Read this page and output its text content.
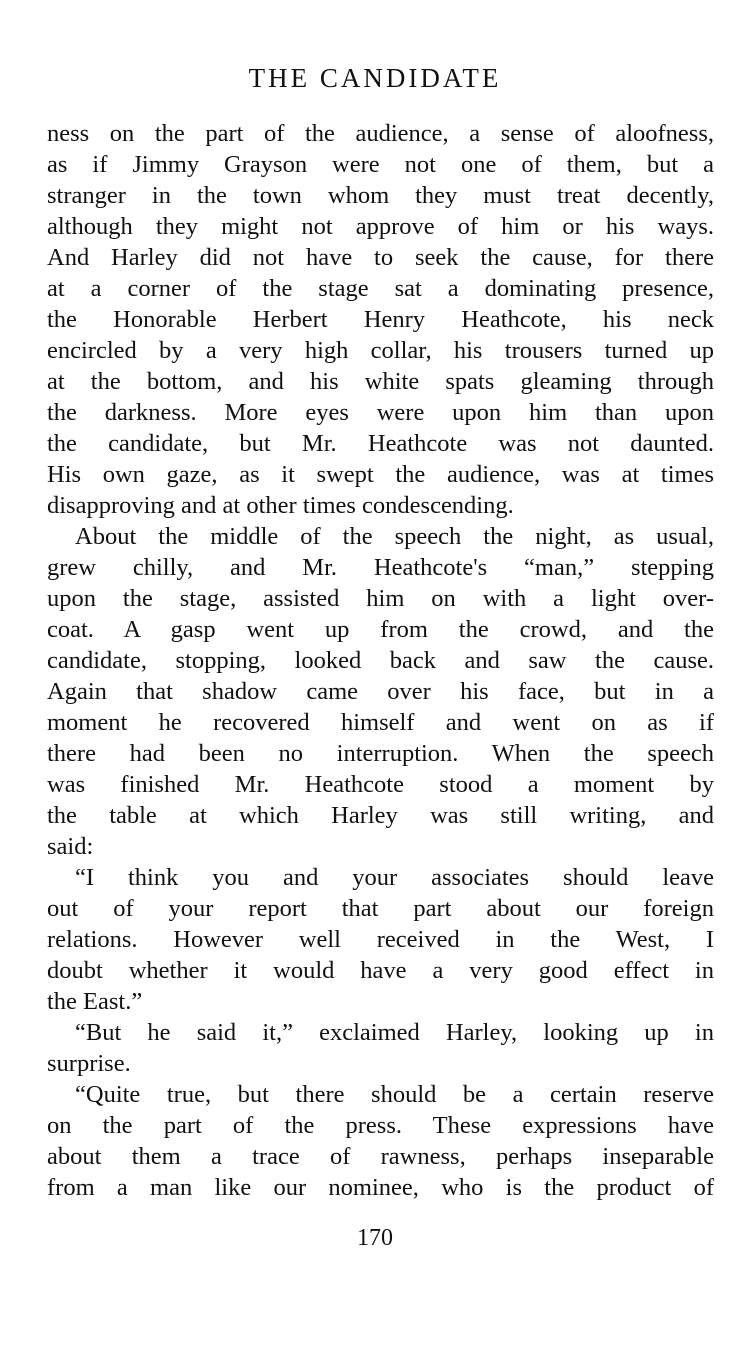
THE CANDIDATE
ness on the part of the audience, a sense of aloofness,
as if Jimmy Grayson were not one of them, but a
stranger in the town whom they must treat decently,
although they might not approve of him or his ways.
And Harley did not have to seek the cause, for there
at a corner of the stage sat a dominating presence,
the Honorable Herbert Henry Heathcote, his neck
encircled by a very high collar, his trousers turned up
at the bottom, and his white spats gleaming through
the darkness. More eyes were upon him than upon
the candidate, but Mr. Heathcote was not daunted.
His own gaze, as it swept the audience, was at times
disapproving and at other times condescending.
About the middle of the speech the night, as usual,
grew chilly, and Mr. Heathcote's “man,” stepping
upon the stage, assisted him on with a light over-
coat. A gasp went up from the crowd, and the
candidate, stopping, looked back and saw the cause.
Again that shadow came over his face, but in a
moment he recovered himself and went on as if
there had been no interruption. When the speech
was finished Mr. Heathcote stood a moment by
the table at which Harley was still writing, and
said:
“I think you and your associates should leave
out of your report that part about our foreign
relations. However well received in the West, I
doubt whether it would have a very good effect in
the East.”
“But he said it,” exclaimed Harley, looking up in
surprise.
“Quite true, but there should be a certain reserve
on the part of the press. These expressions have
about them a trace of rawness, perhaps inseparable
from a man like our nominee, who is the product of
170
